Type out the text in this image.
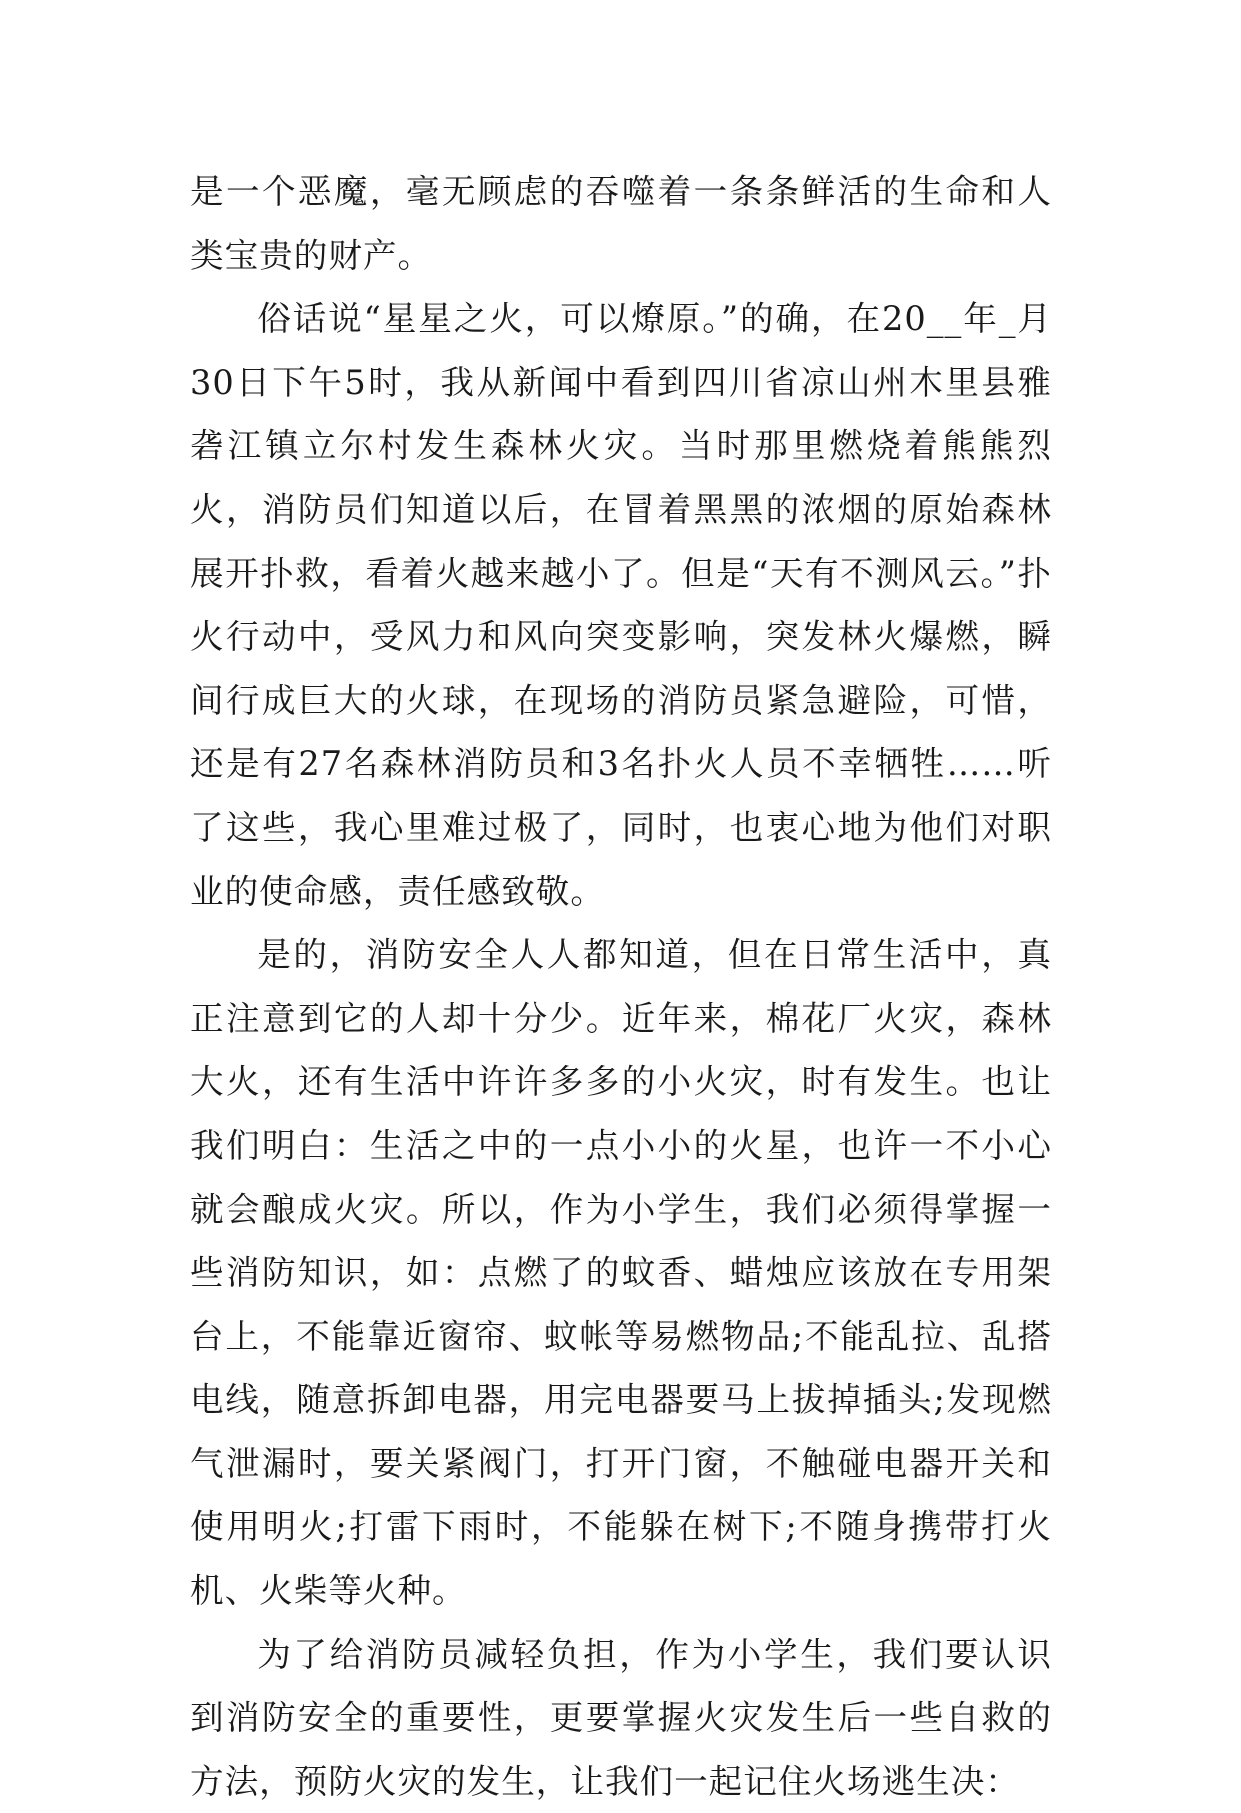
是一个恶魔，毫无顾虑的吞噬着一条条鲜活的生命和人类宝贵的财产。

俗话说“星星之火，可以燎原。”的确，在20__年_月30日下午5时，我从新闻中看到四川省凉山州木里县雅砻江镇立尔村发生森林火灾。当时那里燃烧着熊熊烈火，消防员们知道以后，在冒着黑黑的浓烟的原始森林展开扑救，看着火越来越小了。但是“天有不测风云。”扑火行动中，受风力和风向突变影响，突发林火爆燃，瞬间行成巨大的火球，在现场的消防员紧急避险，可惜，还是有27名森林消防员和3名扑火人员不幸牺牲……听了这些，我心里难过极了，同时，也衷心地为他们对职业的使命感，责任感致敬。

是的，消防安全人人都知道，但在日常生活中，真正注意到它的人却十分少。近年来，棉花厂火灾，森林大火，还有生活中许许多多的小火灾，时有发生。也让我们明白：生活之中的一点小小的火星，也许一不小心就会酿成火灾。所以，作为小学生，我们必须得掌握一些消防知识，如：点燃了的蚊香、蜡烛应该放在专用架台上，不能靠近窗帘、蚊帐等易燃物品;不能乱拉、乱搭电线，随意拆卸电器，用完电器要马上拔掉插头;发现燃气泄漏时，要关紧阀门，打开门窗，不触碰电器开关和使用明火;打雷下雨时，不能躲在树下;不随身携带打火机、火柴等火种。

为了给消防员减轻负担，作为小学生，我们要认识到消防安全的重要性，更要掌握火灾发生后一些自救的方法，预防火灾的发生，让我们一起记住火场逃生决：
